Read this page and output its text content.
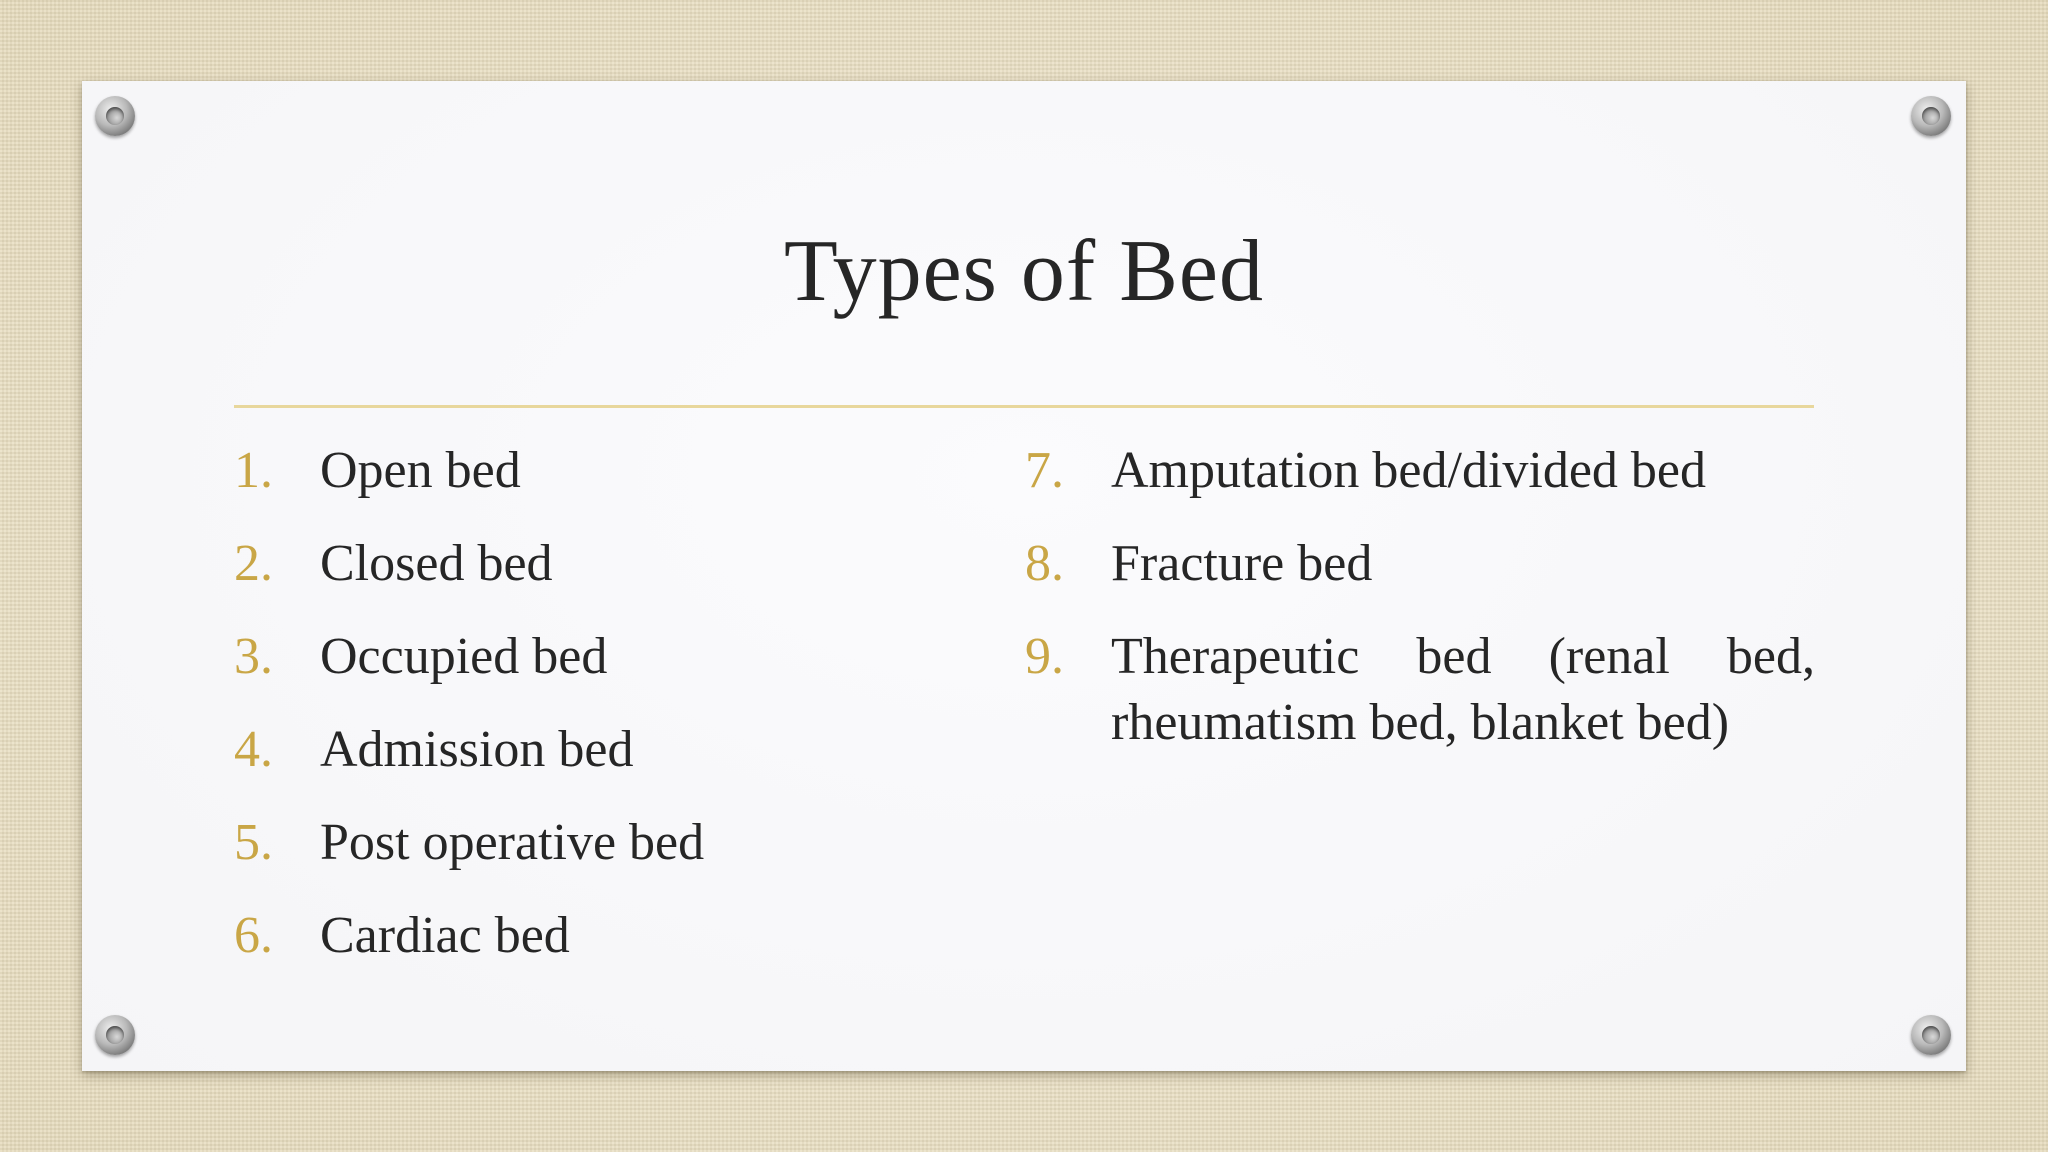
Types of Bed
1. Open bed
2. Closed bed
3. Occupied bed
4. Admission bed
5. Post operative bed
6. Cardiac bed
7. Amputation bed/divided bed
8. Fracture bed
9. Therapeutic bed (renal bed, rheumatism bed, blanket bed)
